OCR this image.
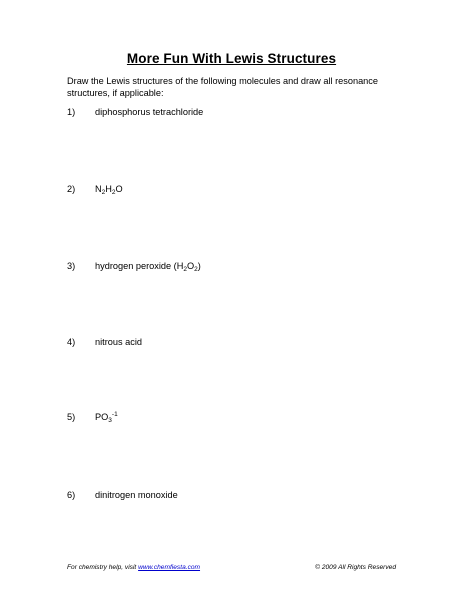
More Fun With Lewis Structures
Draw the Lewis structures of the following molecules and draw all resonance structures, if applicable:
1) diphosphorus tetrachloride
2) $N_2H_2O$
3) hydrogen peroxide $(H_2O_2)$
4) nitrous acid
5) $PO_3^{-1}$
6) dinitrogen monoxide
For chemistry help, visit www.chemfiesta.com	© 2009 All Rights Reserved
